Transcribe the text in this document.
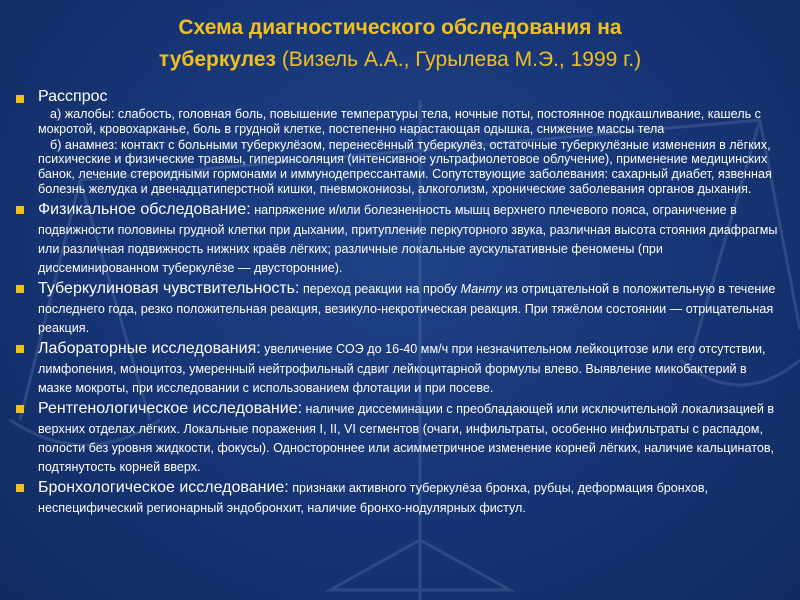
Схема диагностического обследования на
туберкулез (Визель А.А., Гурылева М.Э., 1999 г.)
Расспрос
а) жалобы: слабость, головная боль, повышение температуры тела, ночные поты, постоянное подкашливание, кашель с мокротой, кровохарканье, боль в грудной клетке, постепенно нарастающая одышка, снижение массы тела
б) анамнез: контакт с больными туберкулёзом, перенесённый туберкулёз, остаточные туберкулёзные изменения в лёгких, психические и физические травмы, гиперинсоляция (интенсивное ультрафиолетовое облучение), применение медицинских банок, лечение стероидными гормонами и иммунодепрессантами. Сопутствующие заболевания: сахарный диабет, язвенная болезнь желудка и двенадцатиперстной кишки, пневмокониозы, алкоголизм, хронические заболевания органов дыхания.
Физикальное обследование: напряжение и/или болезненность мышц верхнего плечевого пояса, ограничение в подвижности половины грудной клетки при дыхании, притупление перкуторного звука, различная высота стояния диафрагмы или различная подвижность нижних краёв лёгких; различные локальные аускультативные феномены (при диссеминированном туберкулёзе — двусторонние).
Туберкулиновая чувствительность: переход реакции на пробу Манту из отрицательной в положительную в течение последнего года, резко положительная реакция, везикуло-некротическая реакция. При тяжёлом состоянии — отрицательная реакция.
Лабораторные исследования: увеличение СОЭ до 16-40 мм/ч при незначительном лейкоцитозе или его отсутствии, лимфопения, моноцитоз, умеренный нейтрофильный сдвиг лейкоцитарной формулы влево. Выявление микобактерий в мазке мокроты, при исследовании с использованием флотации и при посеве.
Рентгенологическое исследование: наличие диссеминации с преобладающей или исключительной локализацией в верхних отделах лёгких. Локальные поражения I, II, VI сегментов (очаги, инфильтраты, особенно инфильтраты с распадом, полости без уровня жидкости, фокусы). Одностороннее или асимметричное изменение корней лёгких, наличие кальцинатов, подтянутость корней вверх.
Бронхологическое исследование: признаки активного туберкулёза бронха, рубцы, деформация бронхов, неспецифический регионарный эндобронхит, наличие бронхо-нодулярных фистул.
